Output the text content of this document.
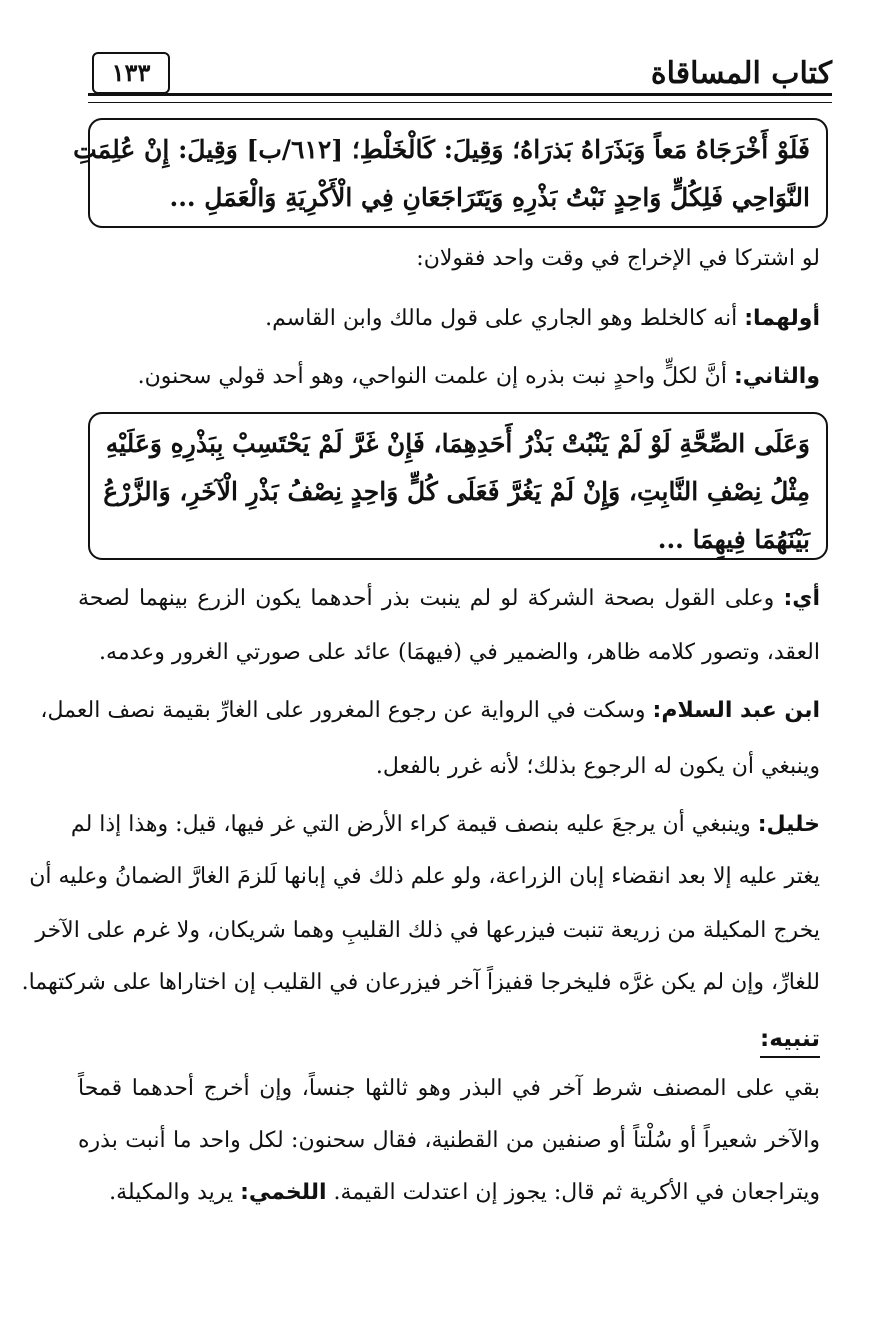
كتاب المساقاة
١٣٣

فَلَوْ أَخْرَجَاهُ مَعاً وَبَذَرَاهُ بَذرَاهُ؛ وَقِيلَ: كَالْخَلْطِ؛ [٦١٢/ب] وَقِيلَ: إِنْ عُلِمَتِ

النَّوَاحِي فَلِكُلٍّ وَاحِدٍ نَبْتُ بَذْرِهِ وَيَتَرَاجَعَانِ فِي الْأَكْرِيَةِ وَالْعَمَلِ ...

لو اشتركا في الإخراج في وقت واحد فقولان:
أولهما: أنه كالخلط وهو الجاري على قول مالك وابن القاسم.
والثاني: أنَّ لكلٍّ واحدٍ نبت بذره إن علمت النواحي، وهو أحد قولي سحنون.

وَعَلَى الصِّحَّةِ لَوْ لَمْ يَنْبُتْ بَذْرُ أَحَدِهِمَا، فَإِنْ غَرَّ لَمْ يَحْتَسِبْ بِبَذْرِهِ وَعَلَيْهِ

مِثْلُ نِصْفِ النَّابِتِ، وَإِنْ لَمْ يَغُرَّ فَعَلَى كُلٍّ وَاحِدٍ نِصْفُ بَذْرِ الْآخَرِ، وَالزَّرْعُ

بَيْنَهُمَا فِيهِمَا ...

أي: وعلى القول بصحة الشركة لو لم ينبت بذر أحدهما يكون الزرع بينهما لصحة
العقد، وتصور كلامه ظاهر، والضمير في (فيهمَا) عائد على صورتي الغرور وعدمه.
ابن عبد السلام: وسكت في الرواية عن رجوع المغرور على الغارِّ بقيمة نصف العمل،
وينبغي أن يكون له الرجوع بذلك؛ لأنه غرر بالفعل.
خليل: وينبغي أن يرجعَ عليه بنصف قيمة كراء الأرض التي غر فيها، قيل: وهذا إذا لم
يغتر عليه إلا بعد انقضاء إبان الزراعة، ولو علم ذلك في إبانها لَلزمَ الغارَّ الضمانُ وعليه أن
يخرج المكيلة من زريعة تنبت فيزرعها في ذلك القليبِ وهما شريكان، ولا غرم على الآخر
للغارِّ، وإن لم يكن غرَّه فليخرجا قفيزاً آخر فيزرعان في القليب إن اختاراها على شركتهما.
تنبيه:
بقي على المصنف شرط آخر في البذر وهو ثالثها جنساً، وإن أخرج أحدهما قمحاً
والآخر شعيراً أو سُلْتاً أو صنفين من القطنية، فقال سحنون: لكل واحد ما أنبت بذره
ويتراجعان في الأكرية ثم قال: يجوز إن اعتدلت القيمة. اللخمي: يريد والمكيلة.
